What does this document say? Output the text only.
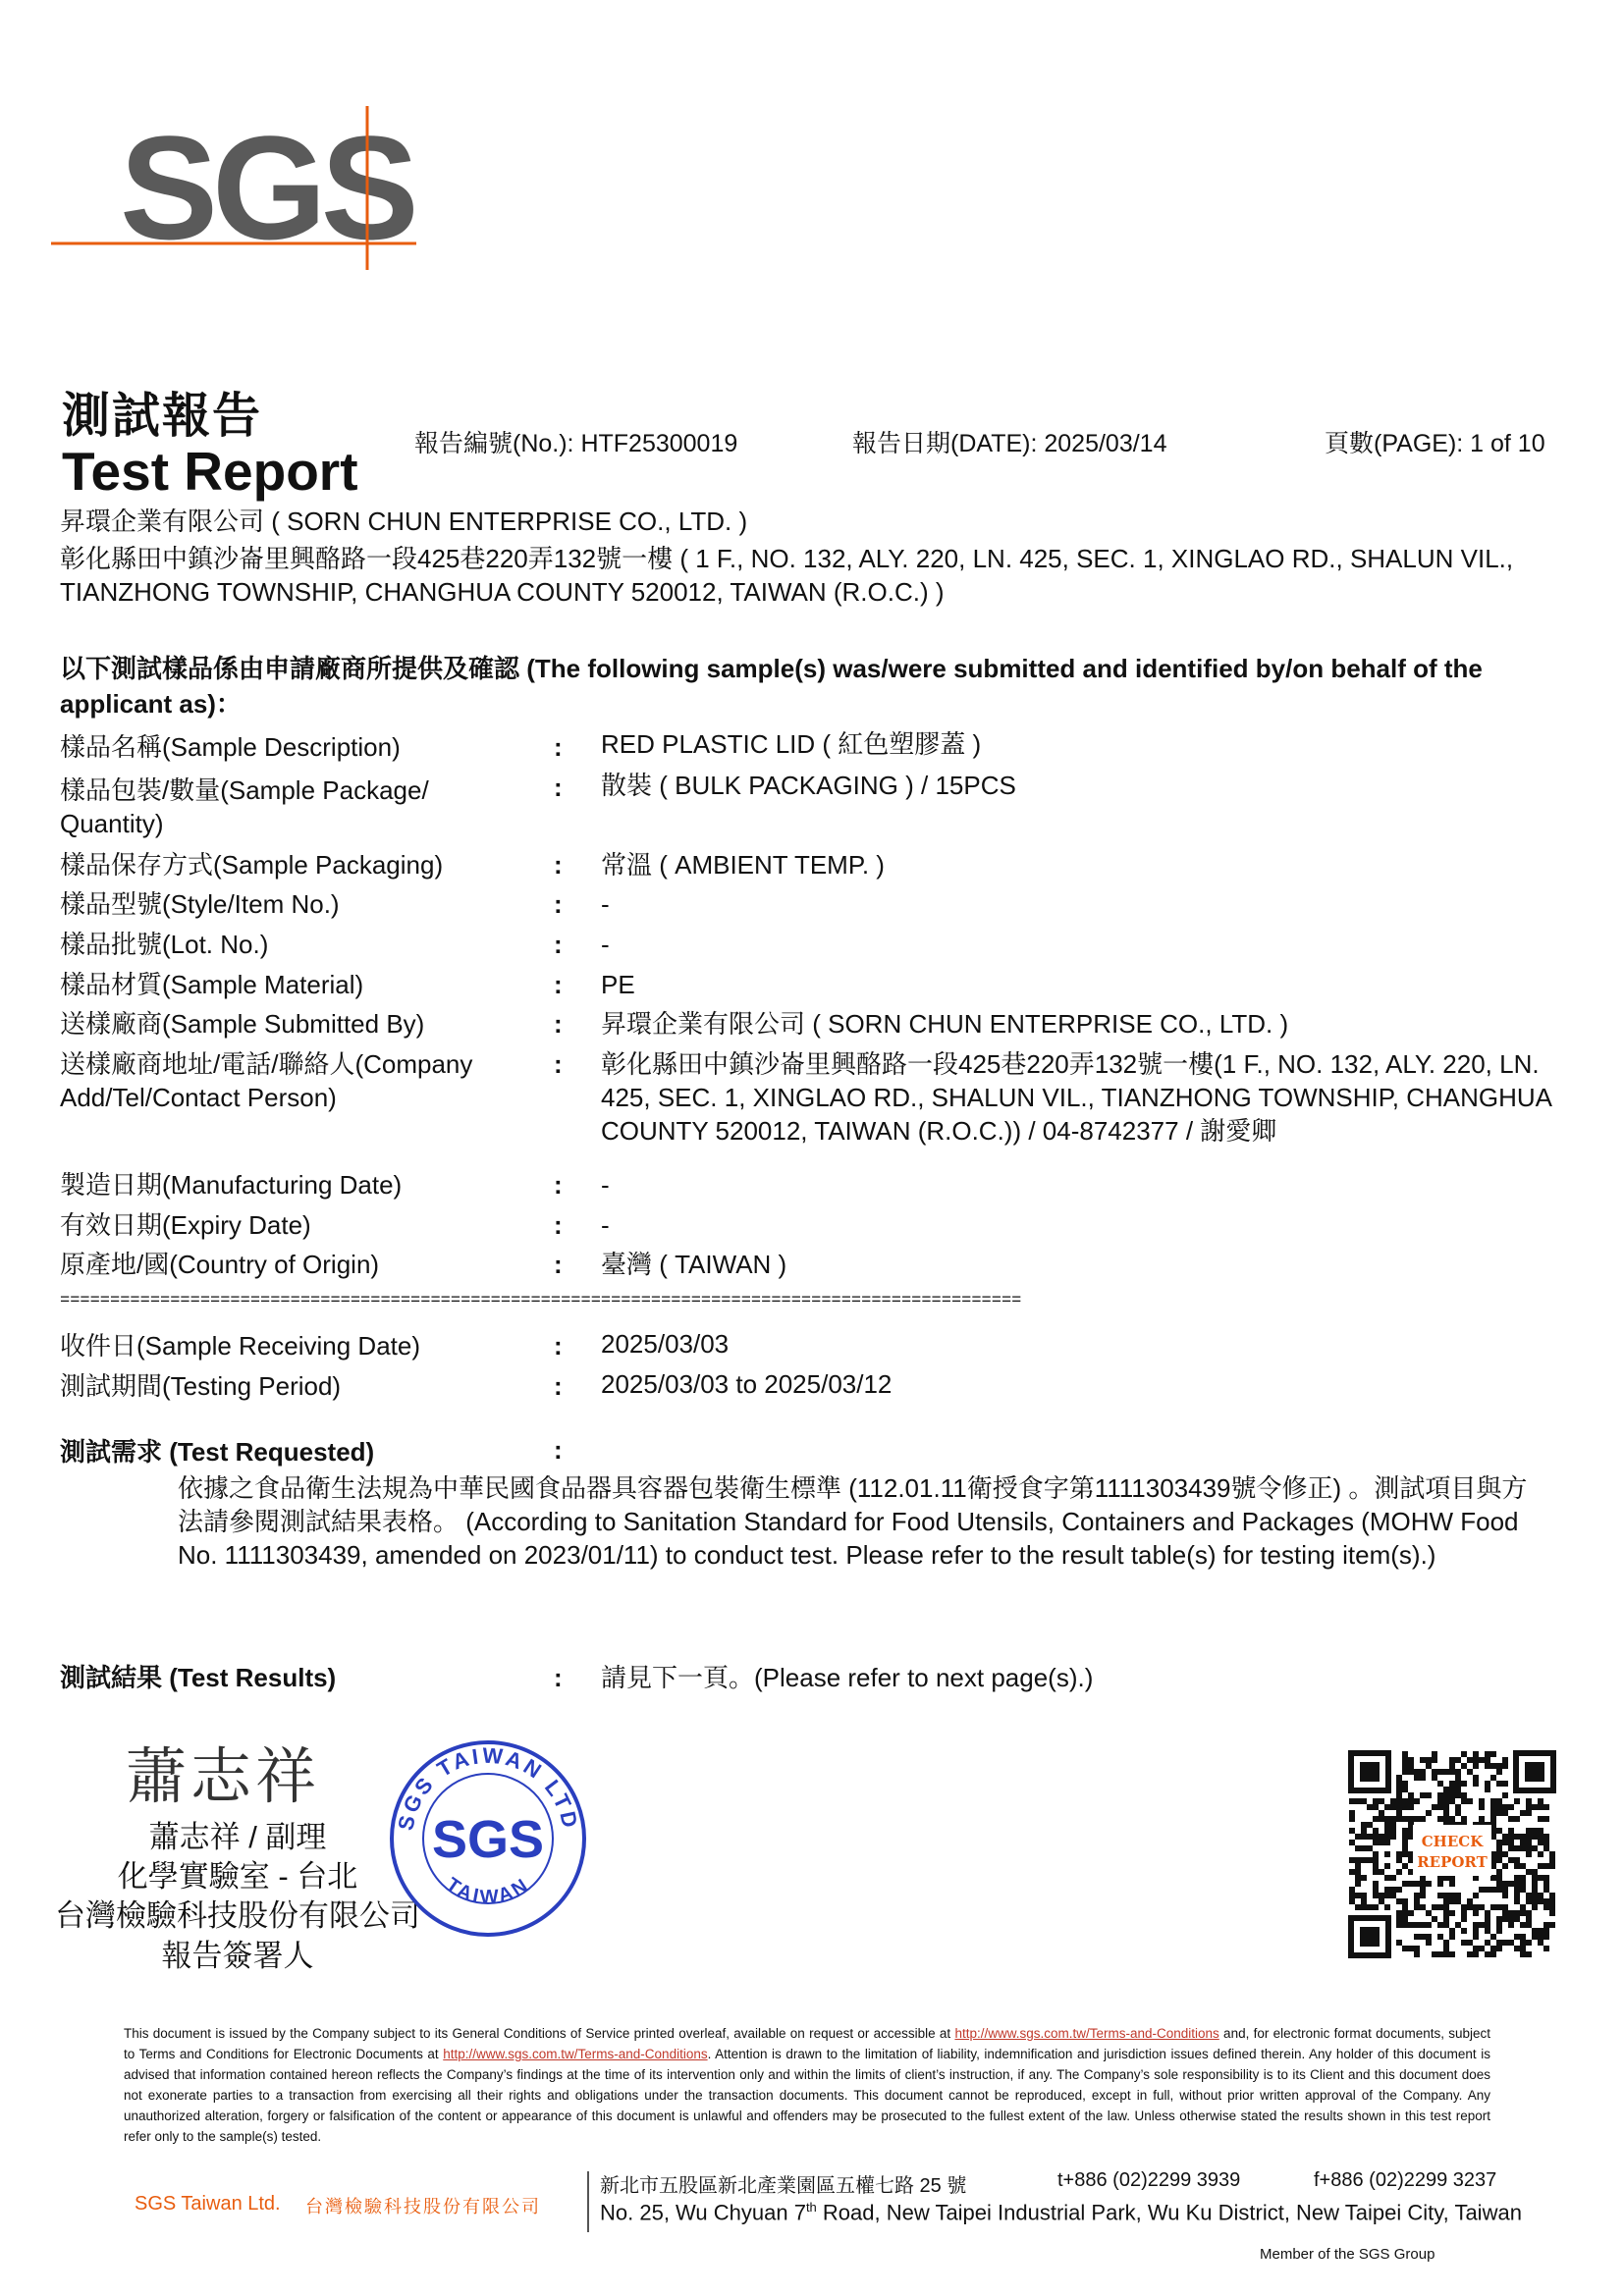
SGS
測試報告
Test Report 報告編號(No.): HTF25300019	報告日期(DATE): 2025/03/14	頁數(PAGE): 1 of 10
昇環企業有限公司 ( SORN CHUN ENTERPRISE CO., LTD. )
彰化縣田中鎮沙崙里興酪路一段425巷220弄132號一樓 ( 1 F., NO. 132, ALY. 220, LN. 425, SEC. 1, XINGLAO RD., SHALUN VIL., TIANZHONG TOWNSHIP, CHANGHUA COUNTY 520012, TAIWAN (R.O.C.) )
以下測試樣品係由申請廠商所提供及確認 (The following sample(s) was/were submitted and identified by/on behalf of the applicant as)：
樣品名稱(Sample Description)	:	RED PLASTIC LID ( 紅色塑膠蓋 )
樣品包裝/數量(Sample Package/ Quantity)
:	散裝 ( BULK PACKAGING ) / 15PCS
樣品保存方式(Sample Packaging)	:	常溫 ( AMBIENT TEMP. )
樣品型號(Style/Item No.)	:	-
樣品批號(Lot. No.)	:	-
樣品材質(Sample Material)	:	PE
送樣廠商(Sample Submitted By)	:	昇環企業有限公司 ( SORN CHUN ENTERPRISE CO., LTD. )
送樣廠商地址/電話/聯絡人(Company Add/Tel/Contact Person)
:	彰化縣田中鎮沙崙里興酪路一段425巷220弄132號一樓(1 F., NO. 132, ALY. 220, LN. 425, SEC. 1, XINGLAO RD., SHALUN VIL., TIANZHONG TOWNSHIP, CHANGHUA COUNTY 520012, TAIWAN (R.O.C.)) / 04-8742377 / 謝愛卿
製造日期(Manufacturing Date)	:	-
有效日期(Expiry Date)	:	-
原產地/國(Country of Origin)	:	臺灣 ( TAIWAN )
================================================================================================
收件日(Sample Receiving Date)	:	2025/03/03
測試期間(Testing Period)	:	2025/03/03 to 2025/03/12
測試需求 (Test Requested)	:
依據之食品衛生法規為中華民國食品器具容器包裝衛生標準 (112.01.11衛授食字第1111303439號令修正) 。測試項目與方法請參閱測試結果表格。 (According to Sanitation Standard for Food Utensils, Containers and Packages (MOHW Food No. 1111303439, amended on 2023/01/11) to conduct test. Please refer to the result table(s) for testing item(s).)
測試結果 (Test Results)	:	請見下一頁。(Please refer to next page(s).)
蕭志祥
蕭志祥 / 副理
化學實驗室 - 台北
台灣檢驗科技股份有限公司
報告簽署人
SGS TAIWAN LTD
TAIWAN
SGS	CHECK
REPORT
This document is issued by the Company subject to its General Conditions of Service printed overleaf, available on request or accessible at http://www.sgs.com.tw/Terms-and-Conditions and, for electronic format documents, subject to Terms and Conditions for Electronic Documents at http://www.sgs.com.tw/Terms-and-Conditions. Attention is drawn to the limitation of liability, indemnification and jurisdiction issues defined therein. Any holder of this document is advised that information contained hereon reflects the Company’s findings at the time of its intervention only and within the limits of client’s instruction, if any. The Company’s sole responsibility is to its Client and this document does not exonerate parties to a transaction from exercising all their rights and obligations under the transaction documents. This document cannot be reproduced, except in full, without prior written approval of the Company. Any unauthorized alteration, forgery or falsification of the content or appearance of this document is unlawful and offenders may be prosecuted to the fullest extent of the law. Unless otherwise stated the results shown in this test report refer only to the sample(s) tested.
SGS Taiwan Ltd. 台灣檢驗科技股份有限公司
新北市五股區新北產業園區五權七路 25 號	t+886 (02)2299 3939	f+886 (02)2299 3237
No. 25, Wu Chyuan 7th Road, New Taipei Industrial Park, Wu Ku District, New Taipei City, Taiwan
Member of the SGS Group
